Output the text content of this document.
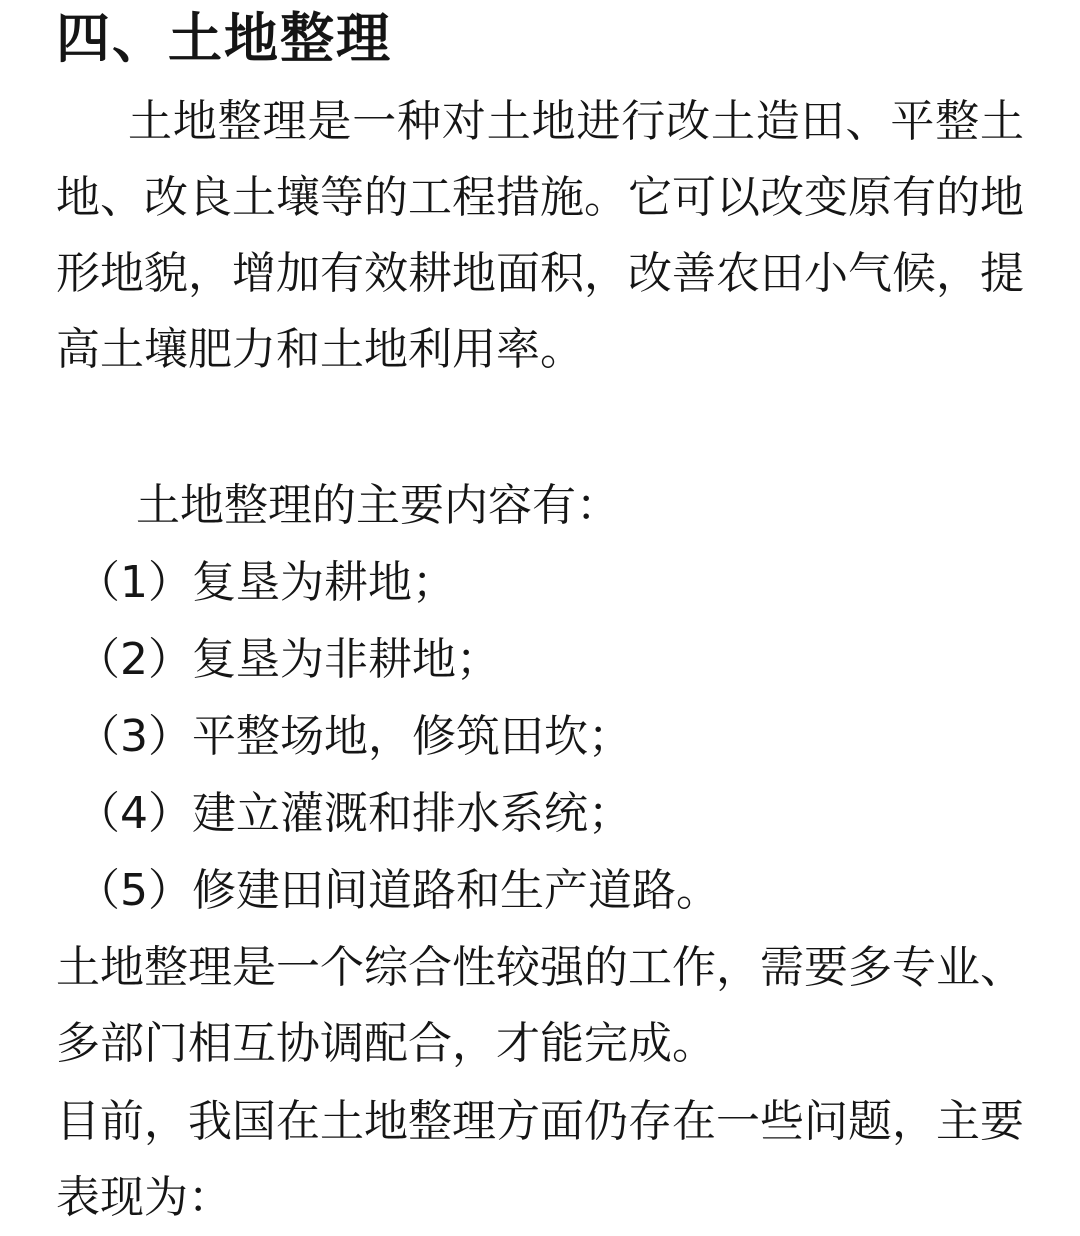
四、土地整理

土地整理是一种对土地进行改土造田、平整土地、改良土壤等的工程措施。它可以改变原有的地形地貌，增加有效耕地面积，改善农田小气候，提高土壤肥力和土地利用率。

土地整理的主要内容有：

（1）复垦为耕地；
（2）复垦为非耕地；
（3）平整场地，修筑田坎；
（4）建立灌溉和排水系统；
（5）修建田间道路和生产道路。

土地整理是一个综合性较强的工作，需要多专业、多部门相互协调配合，才能完成。

目前，我国在土地整理方面仍存在一些问题，主要表现为：
